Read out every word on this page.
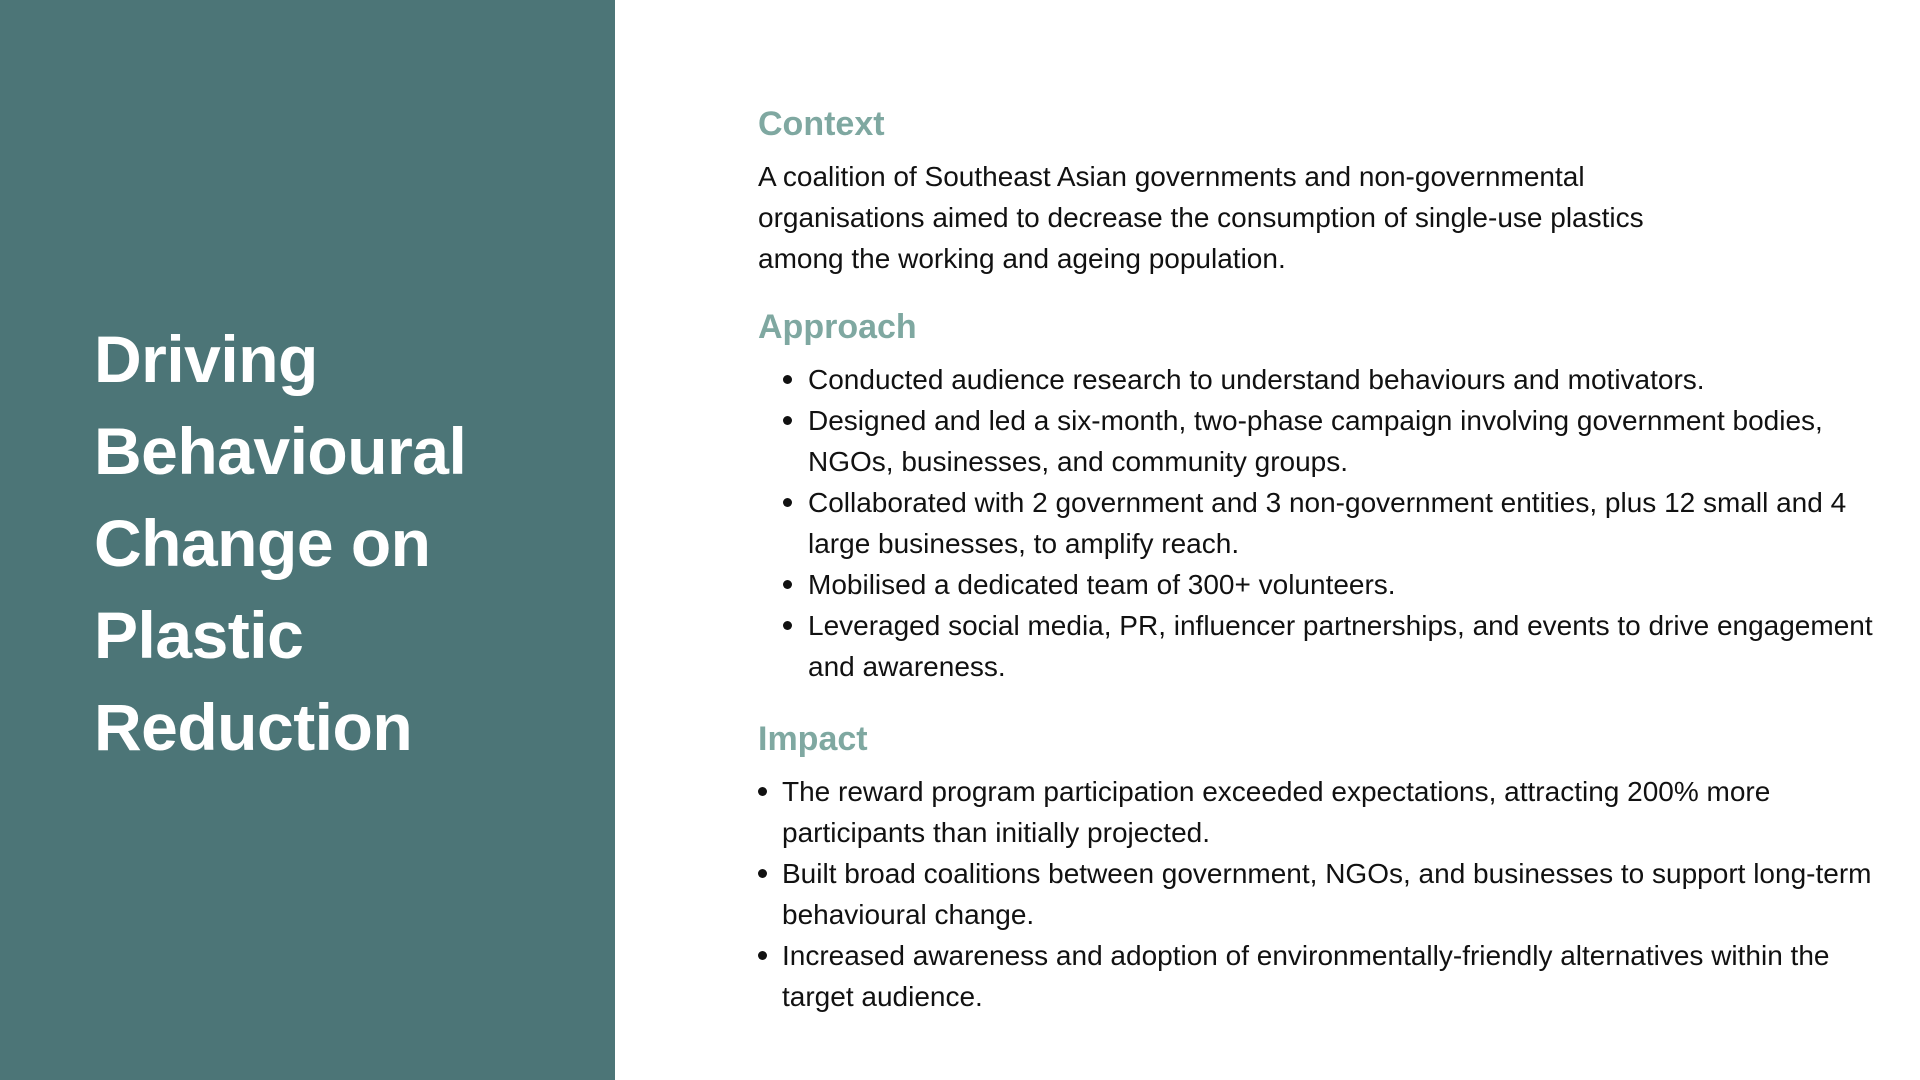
Driving
Behavioural
Change on
Plastic
Reduction
Context

A coalition of Southeast Asian governments and non-governmental organisations aimed to decrease the consumption of single-use plastics among the working and ageing population.

Approach
Conducted audience research to understand behaviours and motivators.
Designed and led a six-month, two-phase campaign involving government bodies, NGOs, businesses, and community groups.
Collaborated with 2 government and 3 non-government entities, plus 12 small and 4 large businesses, to amplify reach.
Mobilised a dedicated team of 300+ volunteers.
Leveraged social media, PR, influencer partnerships, and events to drive engagement and awareness.
Impact
The reward program participation exceeded expectations, attracting 200% more participants than initially projected.
Built broad coalitions between government, NGOs, and businesses to support long-term behavioural change.
Increased awareness and adoption of environmentally-friendly alternatives within the target audience.
